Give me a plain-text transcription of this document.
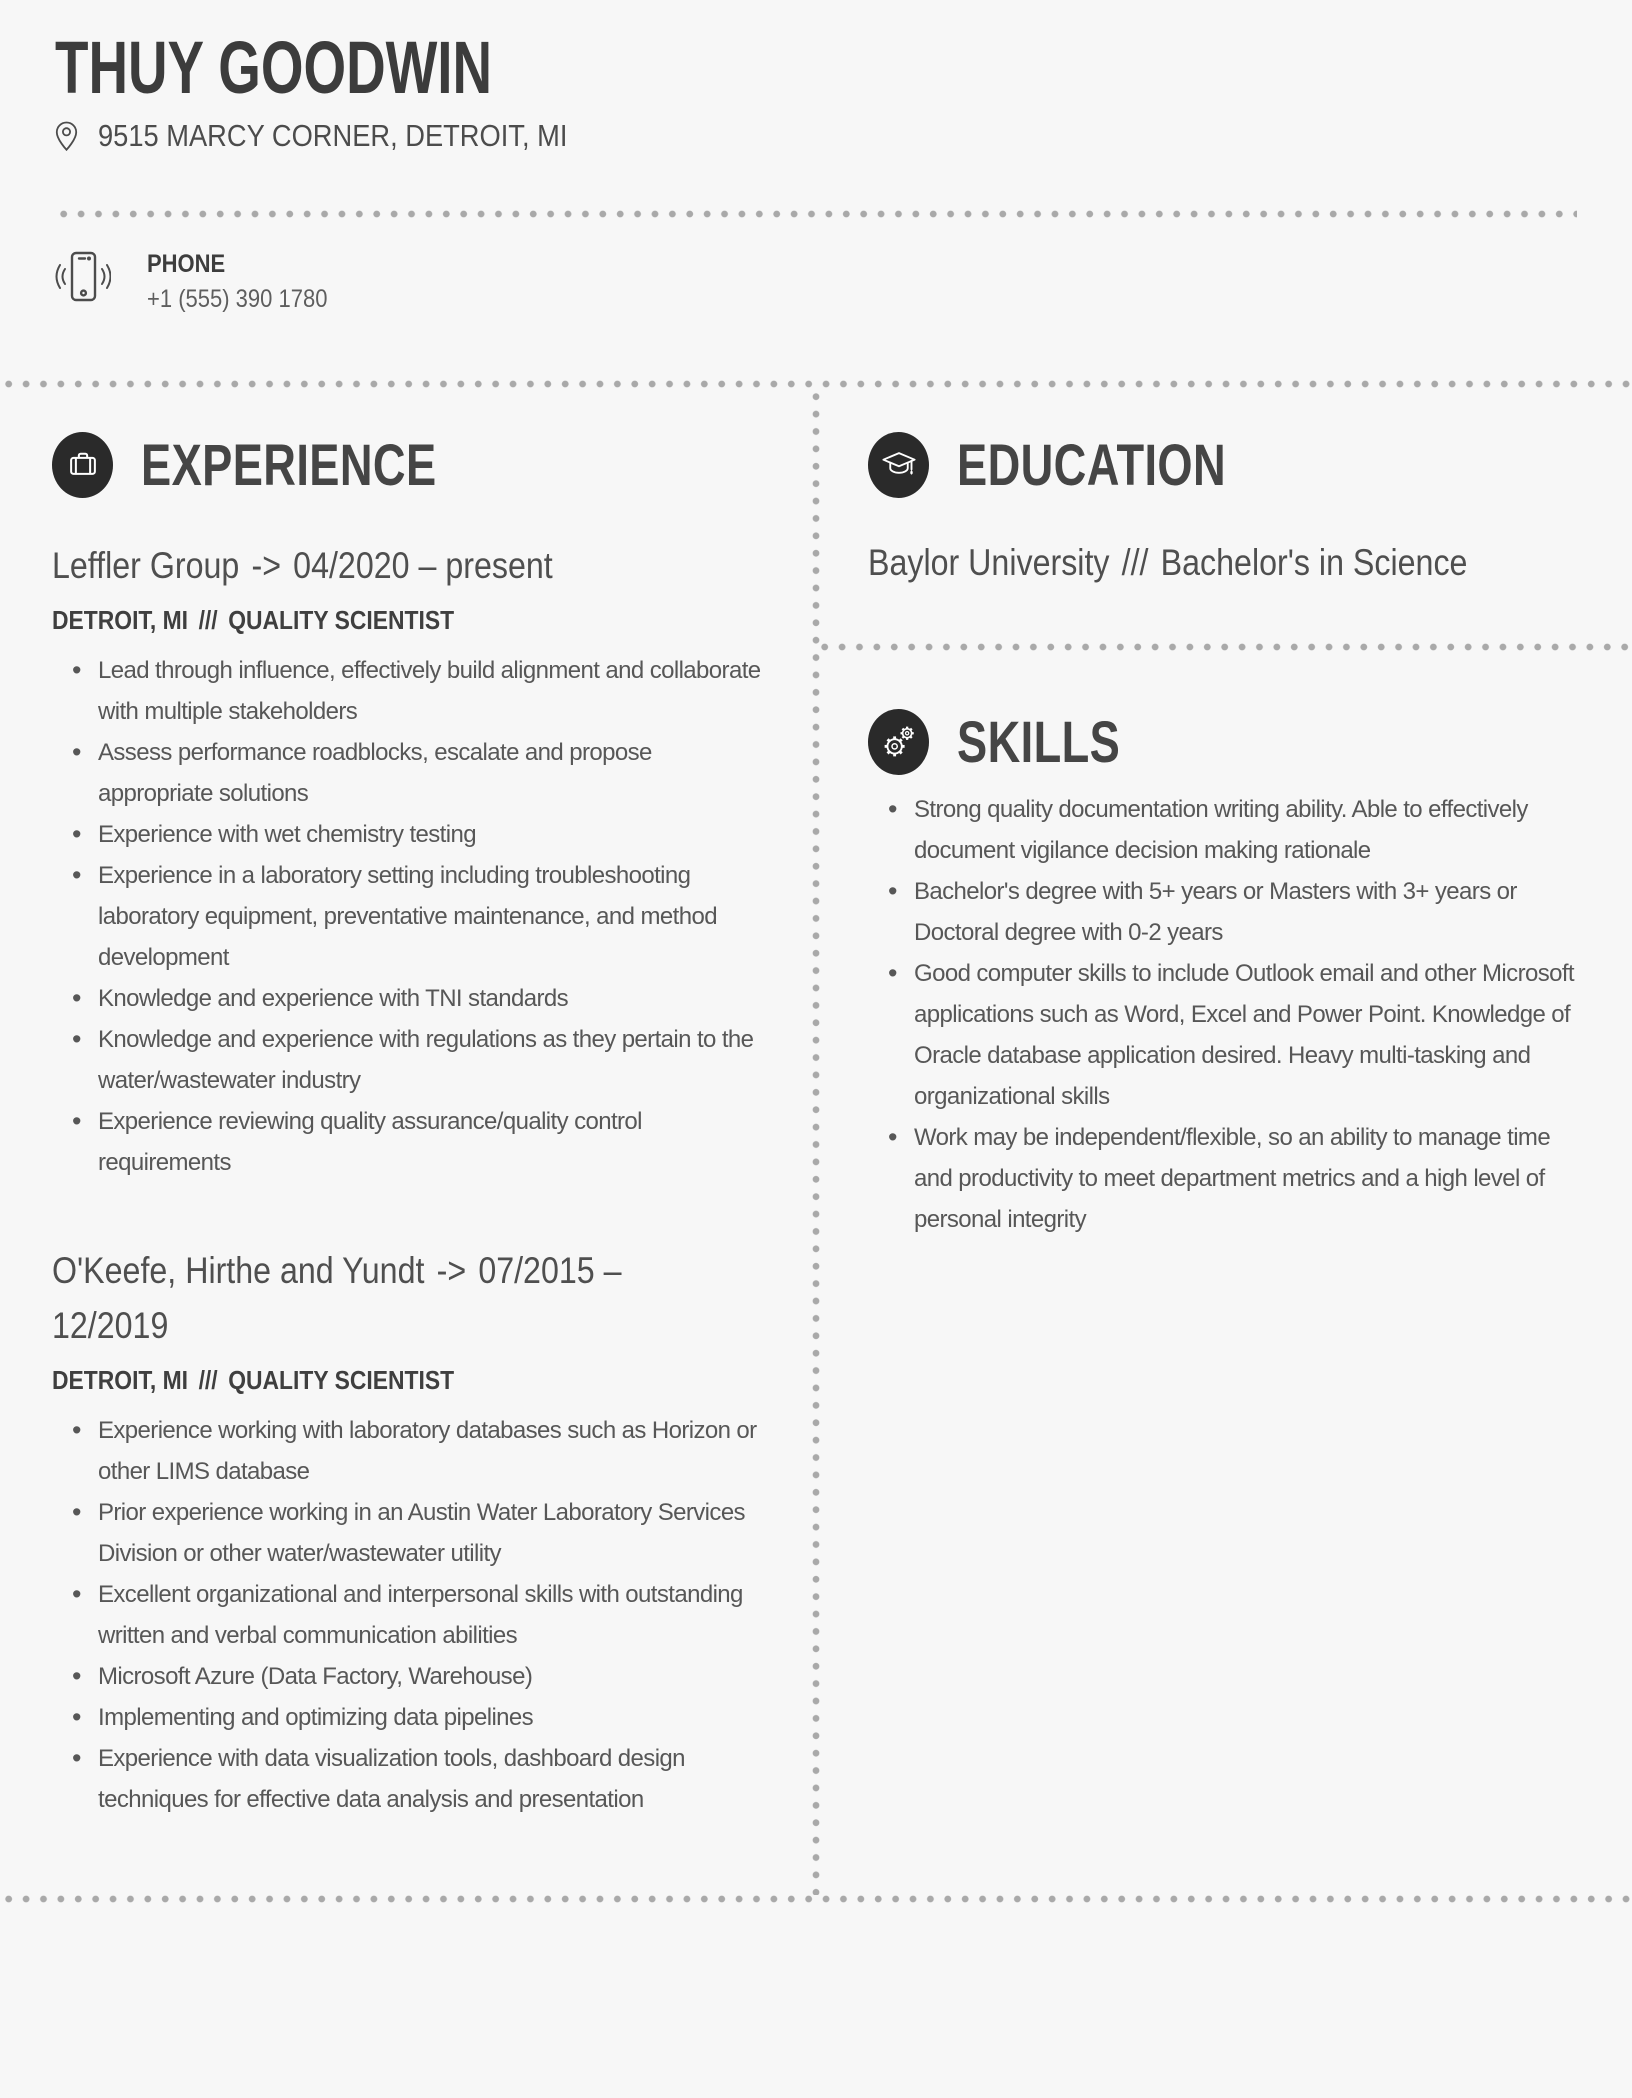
THUY GOODWIN
9515 MARCY CORNER, DETROIT, MI
PHONE
+1 (555) 390 1780
EXPERIENCE
Leffler Group -> 04/2020 – present
DETROIT, MI /// QUALITY SCIENTIST
• Lead through influence, effectively build alignment and collaborate with multiple stakeholders
• Assess performance roadblocks, escalate and propose appropriate solutions
• Experience with wet chemistry testing
• Experience in a laboratory setting including troubleshooting laboratory equipment, preventative maintenance, and method development
• Knowledge and experience with TNI standards
• Knowledge and experience with regulations as they pertain to the water/wastewater industry
• Experience reviewing quality assurance/quality control requirements
O'Keefe, Hirthe and Yundt -> 07/2015 – 12/2019
DETROIT, MI /// QUALITY SCIENTIST
• Experience working with laboratory databases such as Horizon or other LIMS database
• Prior experience working in an Austin Water Laboratory Services Division or other water/wastewater utility
• Excellent organizational and interpersonal skills with outstanding written and verbal communication abilities
• Microsoft Azure (Data Factory, Warehouse)
• Implementing and optimizing data pipelines
• Experience with data visualization tools, dashboard design techniques for effective data analysis and presentation
EDUCATION
Baylor University /// Bachelor's in Science
SKILLS
• Strong quality documentation writing ability. Able to effectively document vigilance decision making rationale
• Bachelor's degree with 5+ years or Masters with 3+ years or Doctoral degree with 0-2 years
• Good computer skills to include Outlook email and other Microsoft applications such as Word, Excel and Power Point. Knowledge of Oracle database application desired. Heavy multi-tasking and organizational skills
• Work may be independent/flexible, so an ability to manage time and productivity to meet department metrics and a high level of personal integrity
